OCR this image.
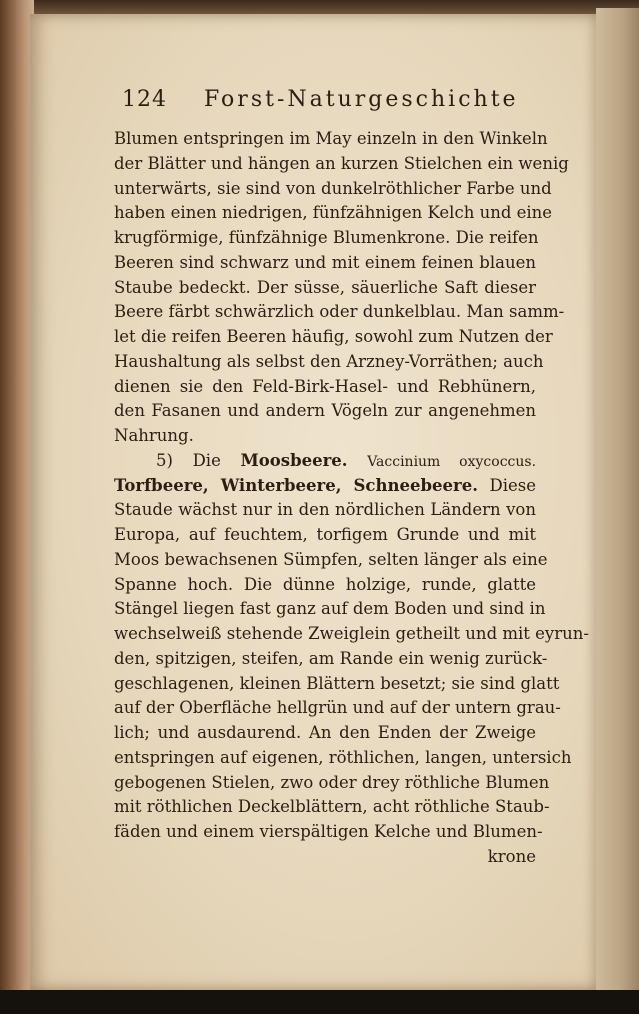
124 Forst-Naturgeschichte
Blumen entspringen im May einzeln in den Winkeln
der Blätter und hängen an kurzen Stielchen ein wenig
unterwärts, sie sind von dunkelröthlicher Farbe und
haben einen niedrigen, fünfzähnigen Kelch und eine
krugförmige, fünfzähnige Blumenkrone. Die reifen
Beeren sind schwarz und mit einem feinen blauen
Staube bedeckt. Der süsse, säuerliche Saft dieser
Beere färbt schwärzlich oder dunkelblau. Man samm-
let die reifen Beeren häufig, sowohl zum Nutzen der
Haushaltung als selbst den Arzney-Vorräthen; auch
dienen sie den Feld-Birk-Hasel- und Rebhünern,
den Fasanen und andern Vögeln zur angenehmen
Nahrung.
5) Die Moosbeere. Vaccinium oxycoccus.
Torfbeere, Winterbeere, Schneebeere. Diese
Staude wächst nur in den nördlichen Ländern von
Europa, auf feuchtem, torfigem Grunde und mit
Moos bewachsenen Sümpfen, selten länger als eine
Spanne hoch. Die dünne holzige, runde, glatte
Stängel liegen fast ganz auf dem Boden und sind in
wechselweiß stehende Zweiglein getheilt und mit eyrun-
den, spitzigen, steifen, am Rande ein wenig zurück-
geschlagenen, kleinen Blättern besetzt; sie sind glatt
auf der Oberfläche hellgrün und auf der untern grau-
lich; und ausdaurend. An den Enden der Zweige
entspringen auf eigenen, röthlichen, langen, untersich
gebogenen Stielen, zwo oder drey röthliche Blumen
mit röthlichen Deckelblättern, acht röthliche Staub-
fäden und einem vierspältigen Kelche und Blumen-
krone
